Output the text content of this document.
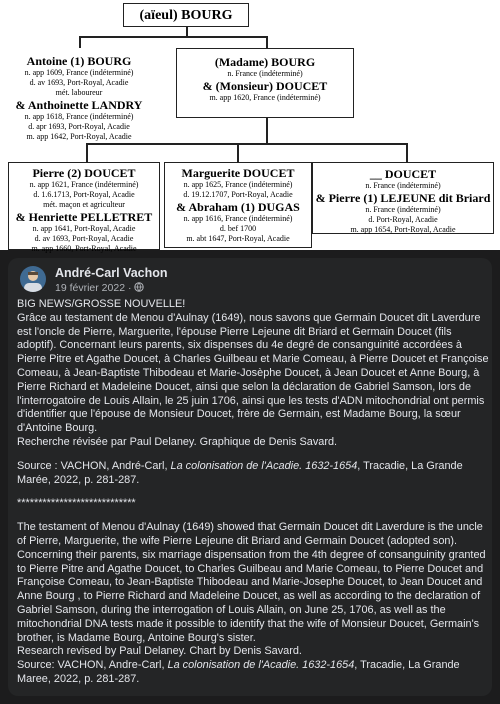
(aïeul) BOURG
Antoine (1) BOURG
n. app 1609, France (indéterminé)
d. av 1693, Port-Royal, Acadie
mét. laboureur
& Anthoinette LANDRY
n. app 1618, France (indéterminé)
d. apr 1693, Port-Royal, Acadie
m. app 1642, Port-Royal, Acadie
(Madame) BOURG
n. France (indéterminé)
& (Monsieur) DOUCET
m. app 1620, France (indéterminé)
Pierre (2) DOUCET
n. app 1621, France (indéterminé)
d. 1.6.1713, Port-Royal, Acadie
mét. maçon et agriculteur
& Henriette PELLETRET
n. app 1641, Port-Royal, Acadie
d. av 1693, Port-Royal, Acadie
m. app 1660, Port-Royal, Acadie
Marguerite DOUCET
n. app 1625, France (indéterminé)
d. 19.12.1707, Port-Royal, Acadie
& Abraham (1) DUGAS
n. app 1616, France (indéterminé)
d. bef 1700
m. abt 1647, Port-Royal, Acadie
__ DOUCET
n. France (indéterminé)
& Pierre (1) LEJEUNE dit Briard
n. France (indéterminé)
d. Port-Royal, Acadie
m. app 1654, Port-Royal, Acadie
André-Carl Vachon
19 février 2022 ·

BIG NEWS/GROSSE NOUVELLE!

Grâce au testament de Menou d'Aulnay (1649), nous savons que Germain Doucet dit Laverdure est l'oncle de Pierre, Marguerite, l'épouse Pierre Lejeune dit Briard et Germain Doucet (fils adoptif). Concernant leurs parents, six dispenses du 4e degré de consanguinité accordées à Pierre Pitre et Agathe Doucet, à Charles Guilbeau et Marie Comeau, à Pierre Doucet et Françoise Comeau, à Jean-Baptiste Thibodeau et Marie-Josèphe Doucet, à Jean Doucet et Anne Bourg, à Pierre Richard et Madeleine Doucet, ainsi que selon la déclaration de Gabriel Samson, lors de l'interrogatoire de Louis Allain, le 25 juin 1706, ainsi que les tests d'ADN mitochondrial ont permis d'identifier que l'épouse de Monsieur Doucet, frère de Germain, est Madame Bourg, la sœur d'Antoine Bourg.

Recherche révisée par Paul Delaney. Graphique de Denis Savard.

Source : VACHON, André-Carl, La colonisation de l'Acadie. 1632-1654, Tracadie, La Grande Marée, 2022, p. 281-287.

****************************

The testament of Menou d'Aulnay (1649) showed that Germain Doucet dit Laverdure is the uncle of Pierre, Marguerite, the wife Pierre Lejeune dit Briard and Germain Doucet (adopted son). Concerning their parents, six marriage dispensation from the 4th degree of consanguinity granted to Pierre Pitre and Agathe Doucet, to Charles Guilbeau and Marie Comeau, to Pierre Doucet and Françoise Comeau, to Jean-Baptiste Thibodeau and Marie-Josephe Doucet, to Jean Doucet and Anne Bourg , to Pierre Richard and Madeleine Doucet, as well as according to the declaration of Gabriel Samson, during the interrogation of Louis Allain, on June 25, 1706, as well as the mitochondrial DNA tests made it possible to identify that the wife of Monsieur Doucet, Germain's brother, is Madame Bourg, Antoine Bourg's sister.

Research revised by Paul Delaney. Chart by Denis Savard.

Source: VACHON, Andre-Carl, La colonisation de l'Acadie. 1632-1654, Tracadie, La Grande Maree, 2022, p. 281-287.
